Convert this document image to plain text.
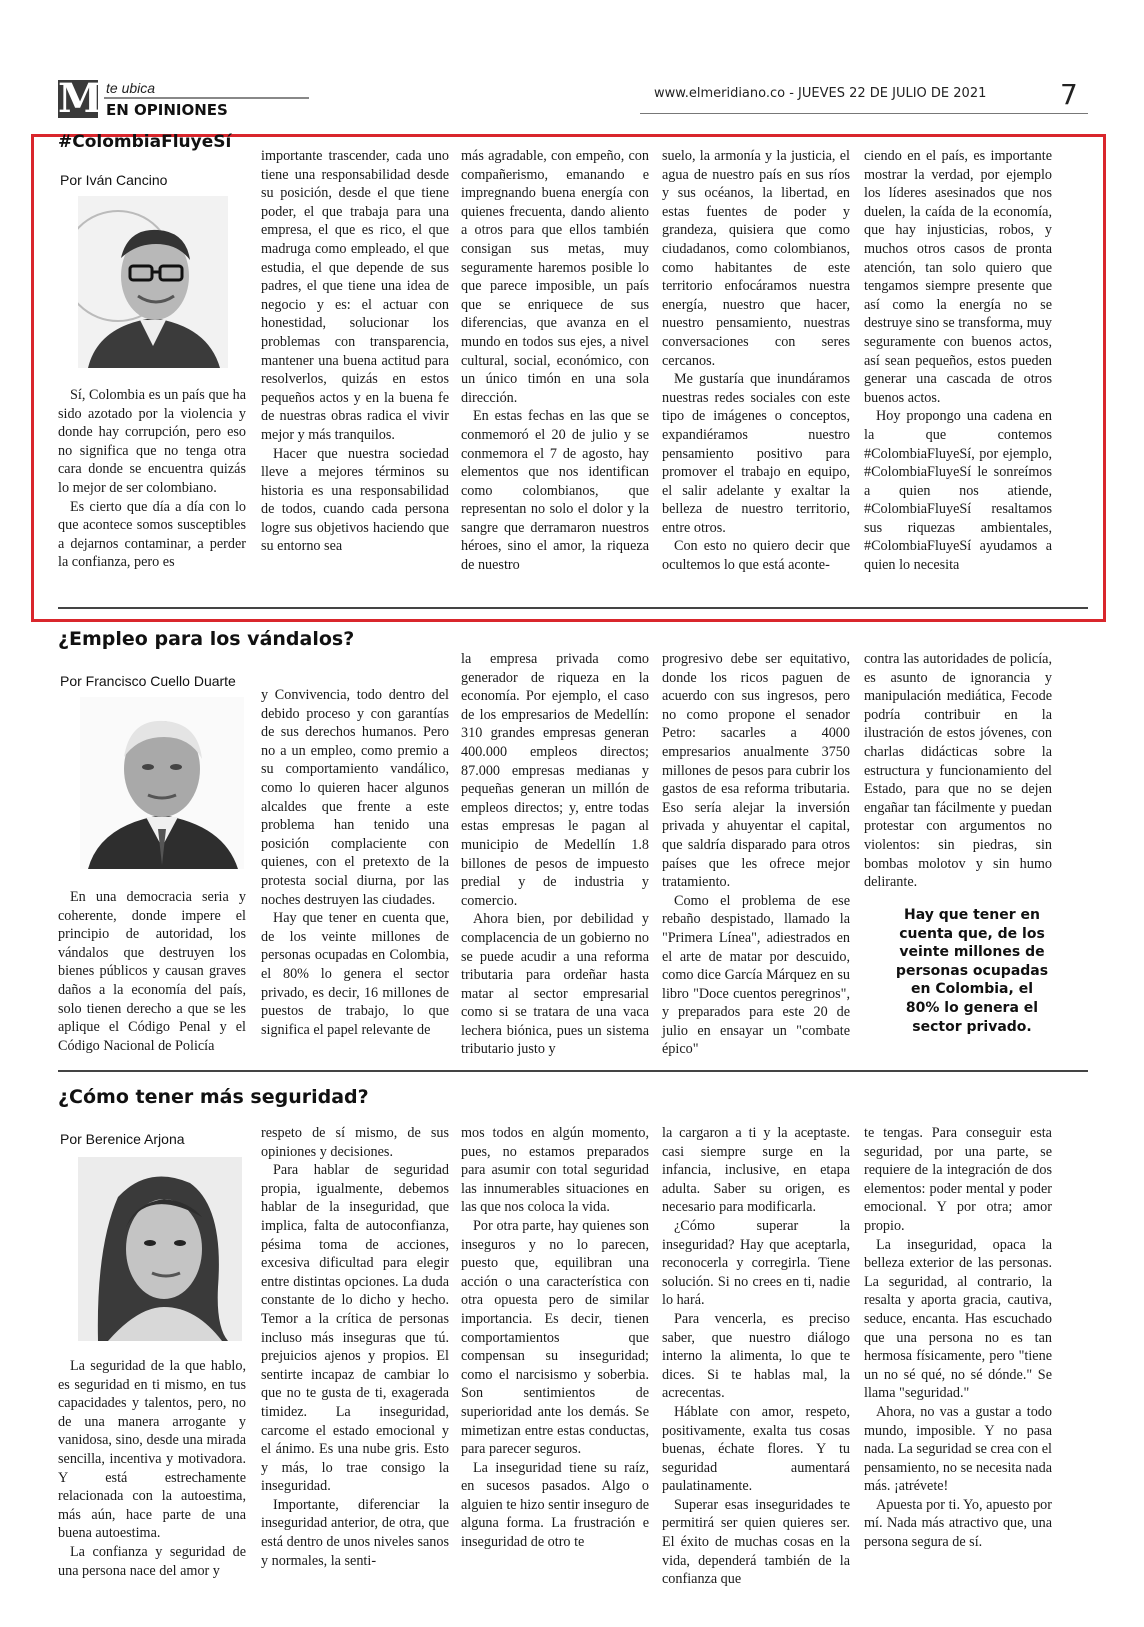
M te ubica
EN OPINIONES
www.elmeridiano.co - JUEVES 22 DE JULIO DE 2021	7
#ColombiaFluyeSí
Por Iván Cancino

Sí, Colombia es un país que ha sido azotado por la violencia y donde hay corrupción, pero eso no significa que no tenga otra cara donde se encuentra quizás lo mejor de ser colombiano.

Es cierto que día a día con lo que acontece somos susceptibles a dejarnos contaminar, a perder la confianza, pero es

importante trascender, cada uno tiene una responsabilidad desde su posición, desde el que tiene poder, el que trabaja para una empresa, el que es rico, el que madruga como empleado, el que estudia, el que depende de sus padres, el que tiene una idea de negocio y es: el actuar con honestidad, solucionar los problemas con transparencia, mantener una buena actitud para resolverlos, quizás en estos pequeños actos y en la buena fe de nuestras obras radica el vivir mejor y más tranquilos.

Hacer que nuestra sociedad lleve a mejores términos su historia es una responsabilidad de todos, cuando cada persona logre sus objetivos haciendo que su entorno sea

más agradable, con empeño, con compañerismo, emanando e impregnando buena energía con quienes frecuenta, dando aliento a otros para que ellos también consigan sus metas, muy seguramente haremos posible lo que parece imposible, un país que se enriquece de sus diferencias, que avanza en el mundo en todos sus ejes, a nivel cultural, social, económico, con un único timón en una sola dirección.

En estas fechas en las que se conmemoró el 20 de julio y se conmemora el 7 de agosto, hay elementos que nos identifican como colombianos, que representan no solo el dolor y la sangre que derramaron nuestros héroes, sino el amor, la riqueza de nuestro

suelo, la armonía y la justicia, el agua de nuestro país en sus ríos y sus océanos, la libertad, en estas fuentes de poder y grandeza, quisiera que como ciudadanos, como colombianos, como habitantes de este territorio enfocáramos nuestra energía, nuestro que hacer, nuestro pensamiento, nuestras conversaciones con seres cercanos.

Me gustaría que inundáramos nuestras redes sociales con este tipo de imágenes o conceptos, expandiéramos nuestro pensamiento positivo para promover el trabajo en equipo, el salir adelante y exaltar la belleza de nuestro territorio, entre otros.

Con esto no quiero decir que ocultemos lo que está aconte-

ciendo en el país, es importante mostrar la verdad, por ejemplo los líderes asesinados que nos duelen, la caída de la economía, que hay injusticias, robos, y muchos otros casos de pronta atención, tan solo quiero que tengamos siempre presente que así como la energía no se destruye sino se transforma, muy seguramente con buenos actos, así sean pequeños, estos pueden generar una cascada de otros buenos actos.

Hoy propongo una cadena en la que contemos #ColombiaFluyeSí, por ejemplo, #ColombiaFluyeSí le sonreímos a quien nos atiende, #ColombiaFluyeSí resaltamos sus riquezas ambientales, #ColombiaFluyeSí ayudamos a quien lo necesita

¿Empleo para los vándalos?
Por Francisco Cuello Duarte

En una democracia seria y coherente, donde impere el principio de autoridad, los vándalos que destruyen los bienes públicos y causan graves daños a la economía del país, solo tienen derecho a que se les aplique el Código Penal y el Código Nacional de Policía

y Convivencia, todo dentro del debido proceso y con garantías de sus derechos humanos. Pero no a un empleo, como premio a su comportamiento vandálico, como lo quieren hacer algunos alcaldes que frente a este problema han tenido una posición complaciente con quienes, con el pretexto de la protesta social diurna, por las noches destruyen las ciudades.

Hay que tener en cuenta que, de los veinte millones de personas ocupadas en Colombia, el 80% lo genera el sector privado, es decir, 16 millones de puestos de trabajo, lo que significa el papel relevante de

la empresa privada como generador de riqueza en la economía. Por ejemplo, el caso de los empresarios de Medellín: 310 grandes empresas generan 400.000 empleos directos; 87.000 empresas medianas y pequeñas generan un millón de empleos directos; y, entre todas estas empresas le pagan al municipio de Medellín 1.8 billones de pesos de impuesto predial y de industria y comercio.

Ahora bien, por debilidad y complacencia de un gobierno no se puede acudir a una reforma tributaria para ordeñar hasta matar al sector empresarial como si se tratara de una vaca lechera biónica, pues un sistema tributario justo y

progresivo debe ser equitativo, donde los ricos paguen de acuerdo con sus ingresos, pero no como propone el senador Petro: sacarles a 4000 empresarios anualmente 3750 millones de pesos para cubrir los gastos de esa reforma tributaria. Eso sería alejar la inversión privada y ahuyentar el capital, que saldría disparado para otros países que les ofrece mejor tratamiento.

Como el problema de ese rebaño despistado, llamado la "Primera Línea", adiestrados en el arte de matar por descuido, como dice García Márquez en su libro "Doce cuentos peregrinos", y preparados para este 20 de julio en ensayar un "combate épico"

contra las autoridades de policía, es asunto de ignorancia y manipulación mediática, Fecode podría contribuir en la ilustración de estos jóvenes, con charlas didácticas sobre la estructura y funcionamiento del Estado, para que no se dejen engañar tan fácilmente y puedan protestar con argumentos no violentos: sin piedras, sin bombas molotov y sin humo delirante.

Hay que tener en cuenta que, de los veinte millones de personas ocupadas en Colombia, el 80% lo genera el sector privado.
¿Cómo tener más seguridad?
Por Berenice Arjona

La seguridad de la que hablo, es seguridad en ti mismo, en tus capacidades y talentos, pero, no de una manera arrogante y vanidosa, sino, desde una mirada sencilla, incentiva y motivadora. Y está estrechamente relacionada con la autoestima, más aún, hace parte de una buena autoestima.

La confianza y seguridad de una persona nace del amor y

respeto de sí mismo, de sus opiniones y decisiones.

Para hablar de seguridad propia, igualmente, debemos hablar de la inseguridad, que implica, falta de autoconfianza, pésima toma de acciones, excesiva dificultad para elegir entre distintas opciones. La duda constante de lo dicho y hecho. Temor a la crítica de personas incluso más inseguras que tú. prejuicios ajenos y propios. El sentirte incapaz de cambiar lo que no te gusta de ti, exagerada timidez. La inseguridad, carcome el estado emocional y el ánimo. Es una nube gris. Esto y más, lo trae consigo la inseguridad.

Importante, diferenciar la inseguridad anterior, de otra, que está dentro de unos niveles sanos y normales, la senti-

mos todos en algún momento, pues, no estamos preparados para asumir con total seguridad las innumerables situaciones en las que nos coloca la vida.

Por otra parte, hay quienes son inseguros y no lo parecen, puesto que, equilibran una acción o una característica con otra opuesta pero de similar importancia. Es decir, tienen comportamientos que compensan su inseguridad; como el narcisismo y soberbia. Son sentimientos de superioridad ante los demás. Se mimetizan entre estas conductas, para parecer seguros.

La inseguridad tiene su raíz, en sucesos pasados. Algo o alguien te hizo sentir inseguro de alguna forma. La frustración e inseguridad de otro te

la cargaron a ti y la aceptaste. casi siempre surge en la infancia, inclusive, en etapa adulta. Saber su origen, es necesario para modificarla.

¿Cómo superar la inseguridad? Hay que aceptarla, reconocerla y corregirla. Tiene solución. Si no crees en ti, nadie lo hará.

Para vencerla, es preciso saber, que nuestro diálogo interno la alimenta, lo que te dices. Si te hablas mal, la acrecentas.

Háblate con amor, respeto, positivamente, exalta tus cosas buenas, échate flores. Y tu seguridad aumentará paulatinamente.

Superar esas inseguridades te permitirá ser quien quieres ser. El éxito de muchas cosas en la vida, dependerá también de la confianza que

te tengas. Para conseguir esta seguridad, por una parte, se requiere de la integración de dos elementos: poder mental y poder emocional. Y por otra; amor propio.

La inseguridad, opaca la belleza exterior de las personas. La seguridad, al contrario, la resalta y aporta gracia, cautiva, seduce, encanta. Has escuchado que una persona no es tan hermosa físicamente, pero "tiene un no sé qué, no sé dónde." Se llama "seguridad."

Ahora, no vas a gustar a todo mundo, imposible. Y no pasa nada. La seguridad se crea con el pensamiento, no se necesita nada más. ¡atrévete!

Apuesta por ti. Yo, apuesto por mí. Nada más atractivo que, una persona segura de sí.
